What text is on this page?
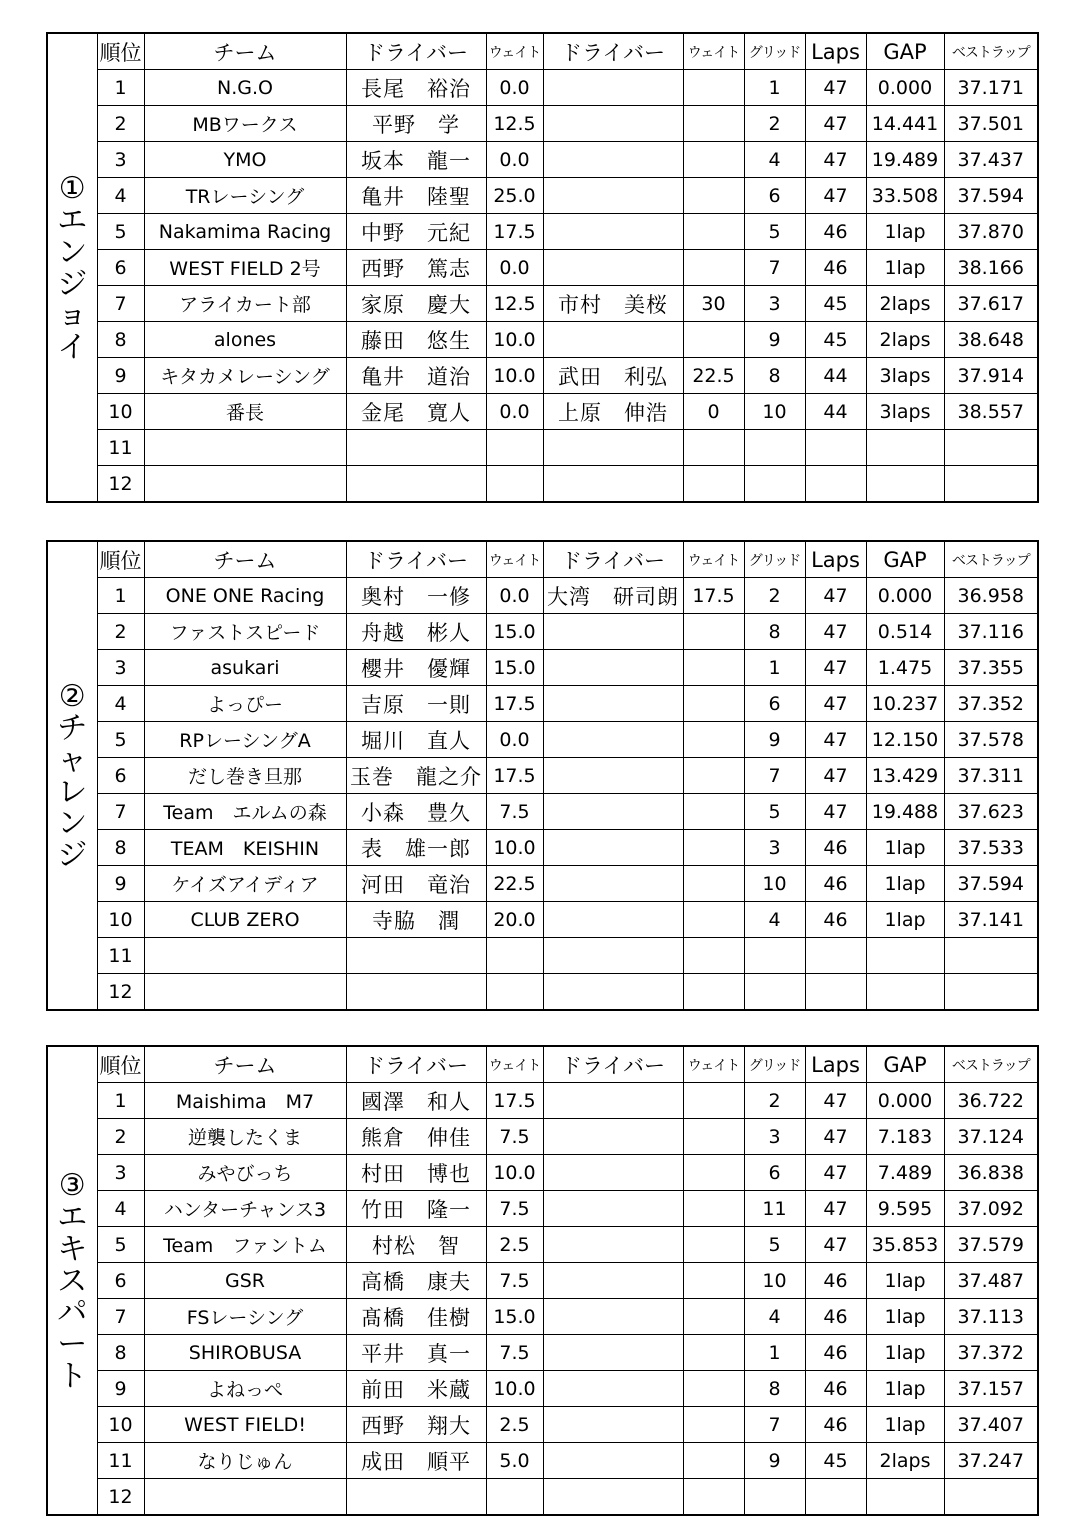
①エンジョイ	順位	チーム	ドライバー	ウェイト	ドライバー	ウェイト	グリッド	Laps	GAP	ベストラップ
	1	N.G.O	長尾　裕治	0.0			1	47	0.000	37.171
	2	MBワークス	平野　学	12.5			2	47	14.441	37.501
	3	YMO	坂本　龍一	0.0			4	47	19.489	37.437
	4	TRレーシング	亀井　陸聖	25.0			6	47	33.508	37.594
	5	Nakamima Racing	中野　元紀	17.5			5	46	1lap	37.870
	6	WEST FIELD 2号	西野　篤志	0.0			7	46	1lap	38.166
	7	アライカート部	家原　慶大	12.5	市村　美桜	30	3	45	2laps	37.617
	8	alones	藤田　悠生	10.0			9	45	2laps	38.648
	9	キタカメレーシング	亀井　道治	10.0	武田　利弘	22.5	8	44	3laps	37.914
	10	番長	金尾　寛人	0.0	上原　伸浩	0	10	44	3laps	38.557
	11									
	12									
②チャレンジ	順位	チーム	ドライバー	ウェイト	ドライバー	ウェイト	グリッド	Laps	GAP	ベストラップ
	1	ONE ONE Racing	奥村　一修	0.0	大湾　研司朗	17.5	2	47	0.000	36.958
	2	ファストスピード	舟越　彬人	15.0			8	47	0.514	37.116
	3	asukari	櫻井　優輝	15.0			1	47	1.475	37.355
	4	よっぴー	吉原　一則	17.5			6	47	10.237	37.352
	5	RPレーシングA	堀川　直人	0.0			9	47	12.150	37.578
	6	だし巻き旦那	玉巻　龍之介	17.5			7	47	13.429	37.311
	7	Team　エルムの森	小森　豊久	7.5			5	47	19.488	37.623
	8	TEAM　KEISHIN	表　雄一郎	10.0			3	46	1lap	37.533
	9	ケイズアイディア	河田　竜治	22.5			10	46	1lap	37.594
	10	CLUB ZERO	寺脇　潤	20.0			4	46	1lap	37.141
	11									
	12									
③エキスパート	順位	チーム	ドライバー	ウェイト	ドライバー	ウェイト	グリッド	Laps	GAP	ベストラップ
	1	Maishima　M7	國澤　和人	17.5			2	47	0.000	36.722
	2	逆襲したくま	熊倉　伸佳	7.5			3	47	7.183	37.124
	3	みやびっち	村田　博也	10.0			6	47	7.489	36.838
	4	ハンターチャンス3	竹田　隆一	7.5			11	47	9.595	37.092
	5	Team　ファントム	村松　智	2.5			5	47	35.853	37.579
	6	GSR	高橋　康夫	7.5			10	46	1lap	37.487
	7	FSレーシング	髙橋　佳樹	15.0			4	46	1lap	37.113
	8	SHIROBUSA	平井　真一	7.5			1	46	1lap	37.372
	9	よねっぺ	前田　米蔵	10.0			8	46	1lap	37.157
	10	WEST FIELD!	西野　翔大	2.5			7	46	1lap	37.407
	11	なりじゅん	成田　順平	5.0			9	45	2laps	37.247
	12									
